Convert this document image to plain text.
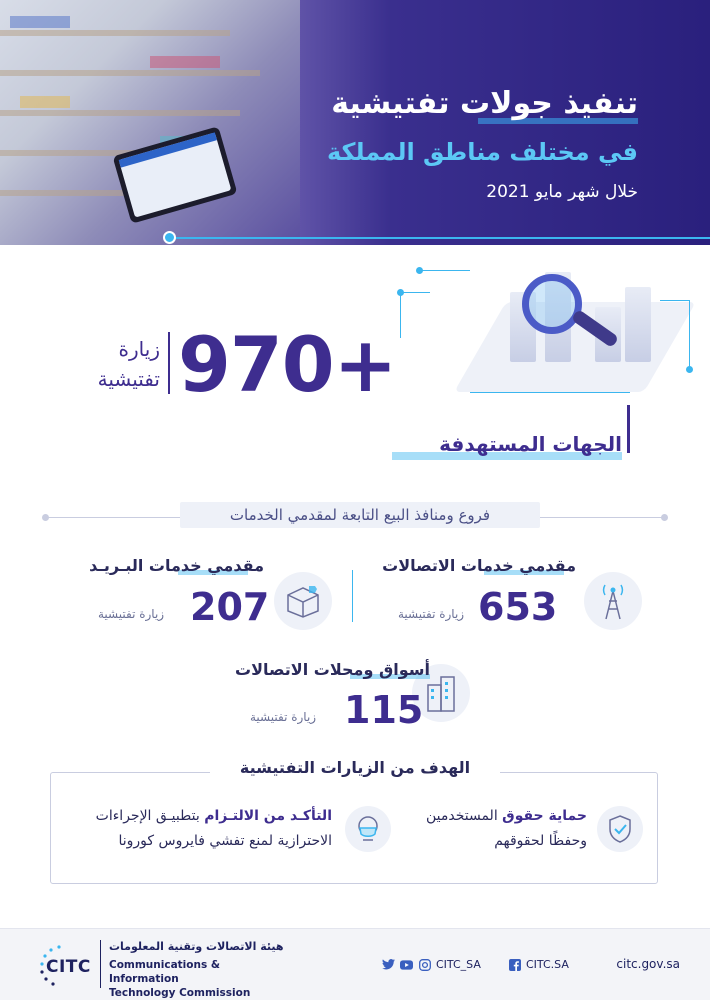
تنفيذ جولات تفتيشية
في مختلف مناطق المملكة
خلال شهر مايو 2021
970+
زيارة تفتيشية
الجهات المستهدفة
فروع ومنافذ البيع التابعة لمقدمي الخدمات
مقدمي خدمات الاتصالات
653
زيارة تفتيشية
مقدمي خدمات البـريـد
207
زيارة تفتيشية
أسواق ومحلات الاتصالات
115
زيارة تفتيشية
الهدف من الزيارات التفتيشية
حماية حقوق المستخدمين
وحفظًا لحقوقهم
التأكـد من الالتـزام بتطبيـق الإجراءات
الاحترازية لمنع تفشي فايروس كورونا
CITC
هيئة الاتصالات وتقنية المعلومات
Communications & Information
Technology Commission
CITC_SA	CITC.SA	citc.gov.sa
